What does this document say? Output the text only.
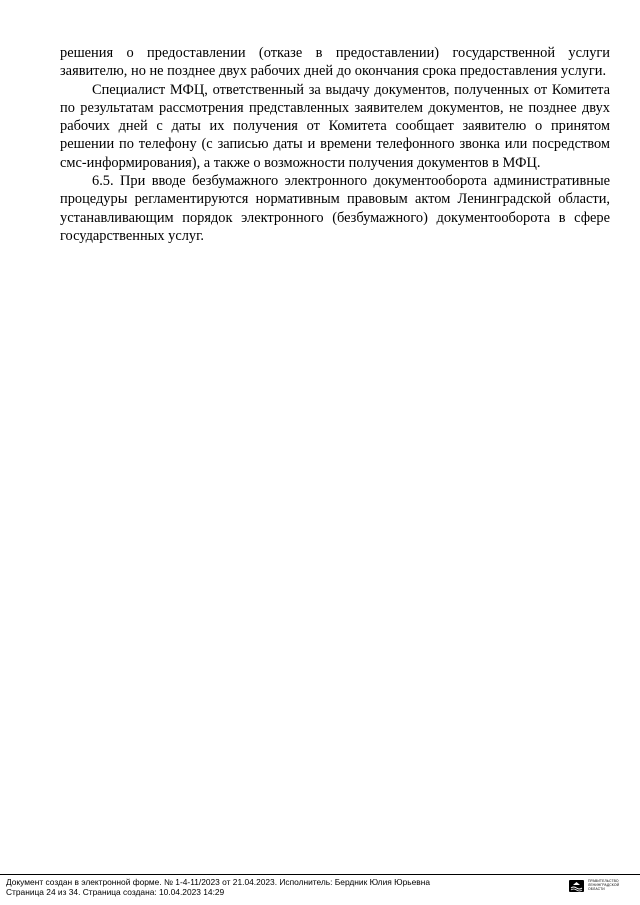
решения о предоставлении (отказе в предоставлении) государственной услуги заявителю, но не позднее двух рабочих дней до окончания срока предоставления услуги.

Специалист МФЦ, ответственный за выдачу документов, полученных от Комитета по результатам рассмотрения представленных заявителем документов, не позднее двух рабочих дней с даты их получения от Комитета сообщает заявителю о принятом решении по телефону (с записью даты и времени телефонного звонка или посредством смс-информирования), а также о возможности получения документов в МФЦ.

6.5. При вводе безбумажного электронного документооборота административные процедуры регламентируются нормативным правовым актом Ленинградской области, устанавливающим порядок электронного (безбумажного) документооборота в сфере государственных услуг.

Документ создан в электронной форме. № 1-4-11/2023 от 21.04.2023. Исполнитель: Бердник Юлия Юрьевна
Страница 24 из 34. Страница создана: 10.04.2023 14:29
ПРАВИТЕЛЬСТВО
ЛЕНИНГРАДСКОЙ
ОБЛАСТИ
